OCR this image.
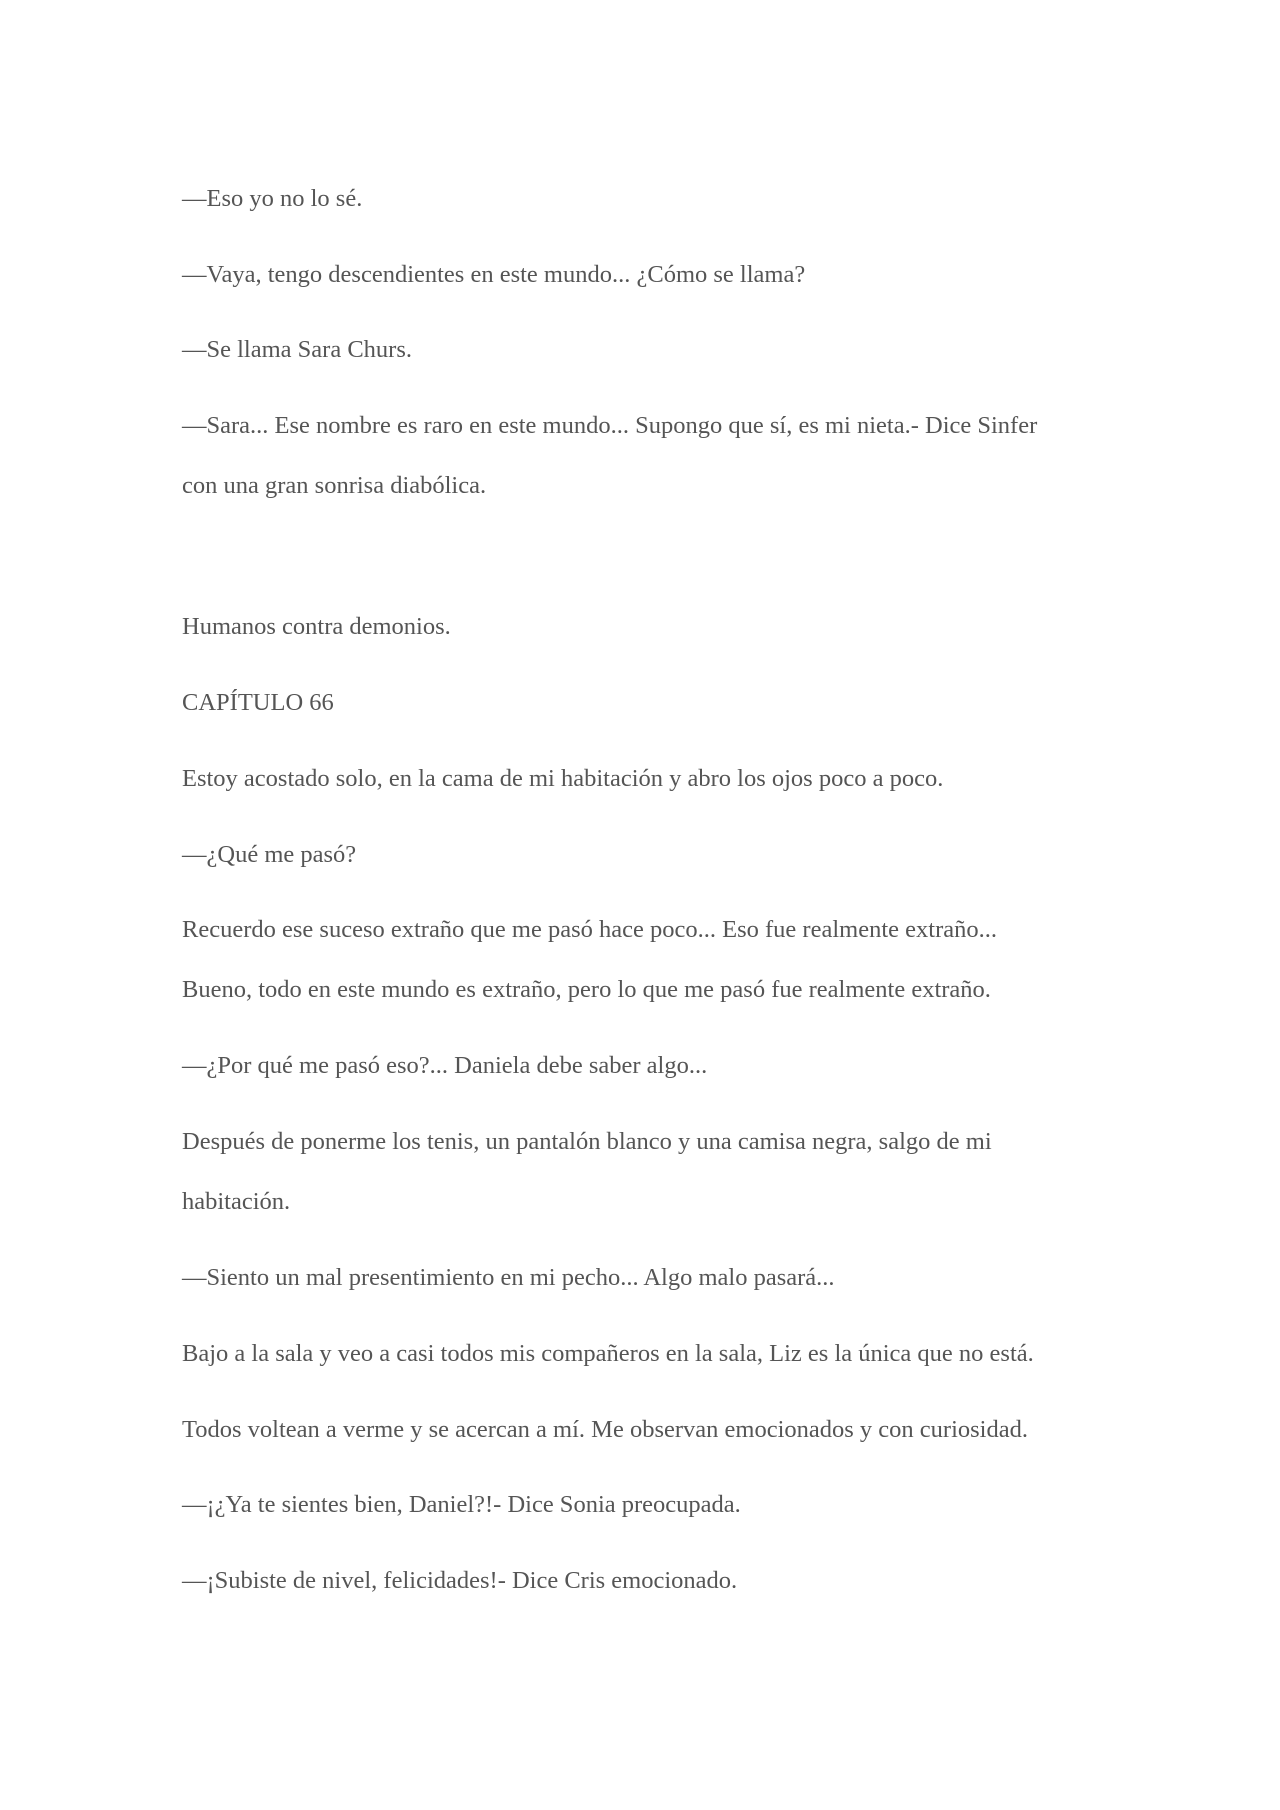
—Eso yo no lo sé.
—Vaya, tengo descendientes en este mundo... ¿Cómo se llama?
—Se llama Sara Churs.
—Sara... Ese nombre es raro en este mundo... Supongo que sí, es mi nieta.- Dice Sinfer
con una gran sonrisa diabólica.
Humanos contra demonios.
CAPÍTULO 66
Estoy acostado solo, en la cama de mi habitación y abro los ojos poco a poco.
—¿Qué me pasó?
Recuerdo ese suceso extraño que me pasó hace poco... Eso fue realmente extraño...
Bueno, todo en este mundo es extraño, pero lo que me pasó fue realmente extraño.
—¿Por qué me pasó eso?... Daniela debe saber algo...
Después de ponerme los tenis, un pantalón blanco y una camisa negra, salgo de mi
habitación.
—Siento un mal presentimiento en mi pecho... Algo malo pasará...
Bajo a la sala y veo a casi todos mis compañeros en la sala, Liz es la única que no está.
Todos voltean a verme y se acercan a mí. Me observan emocionados y con curiosidad.
—¡¿Ya te sientes bien, Daniel?!- Dice Sonia preocupada.
—¡Subiste de nivel, felicidades!- Dice Cris emocionado.
